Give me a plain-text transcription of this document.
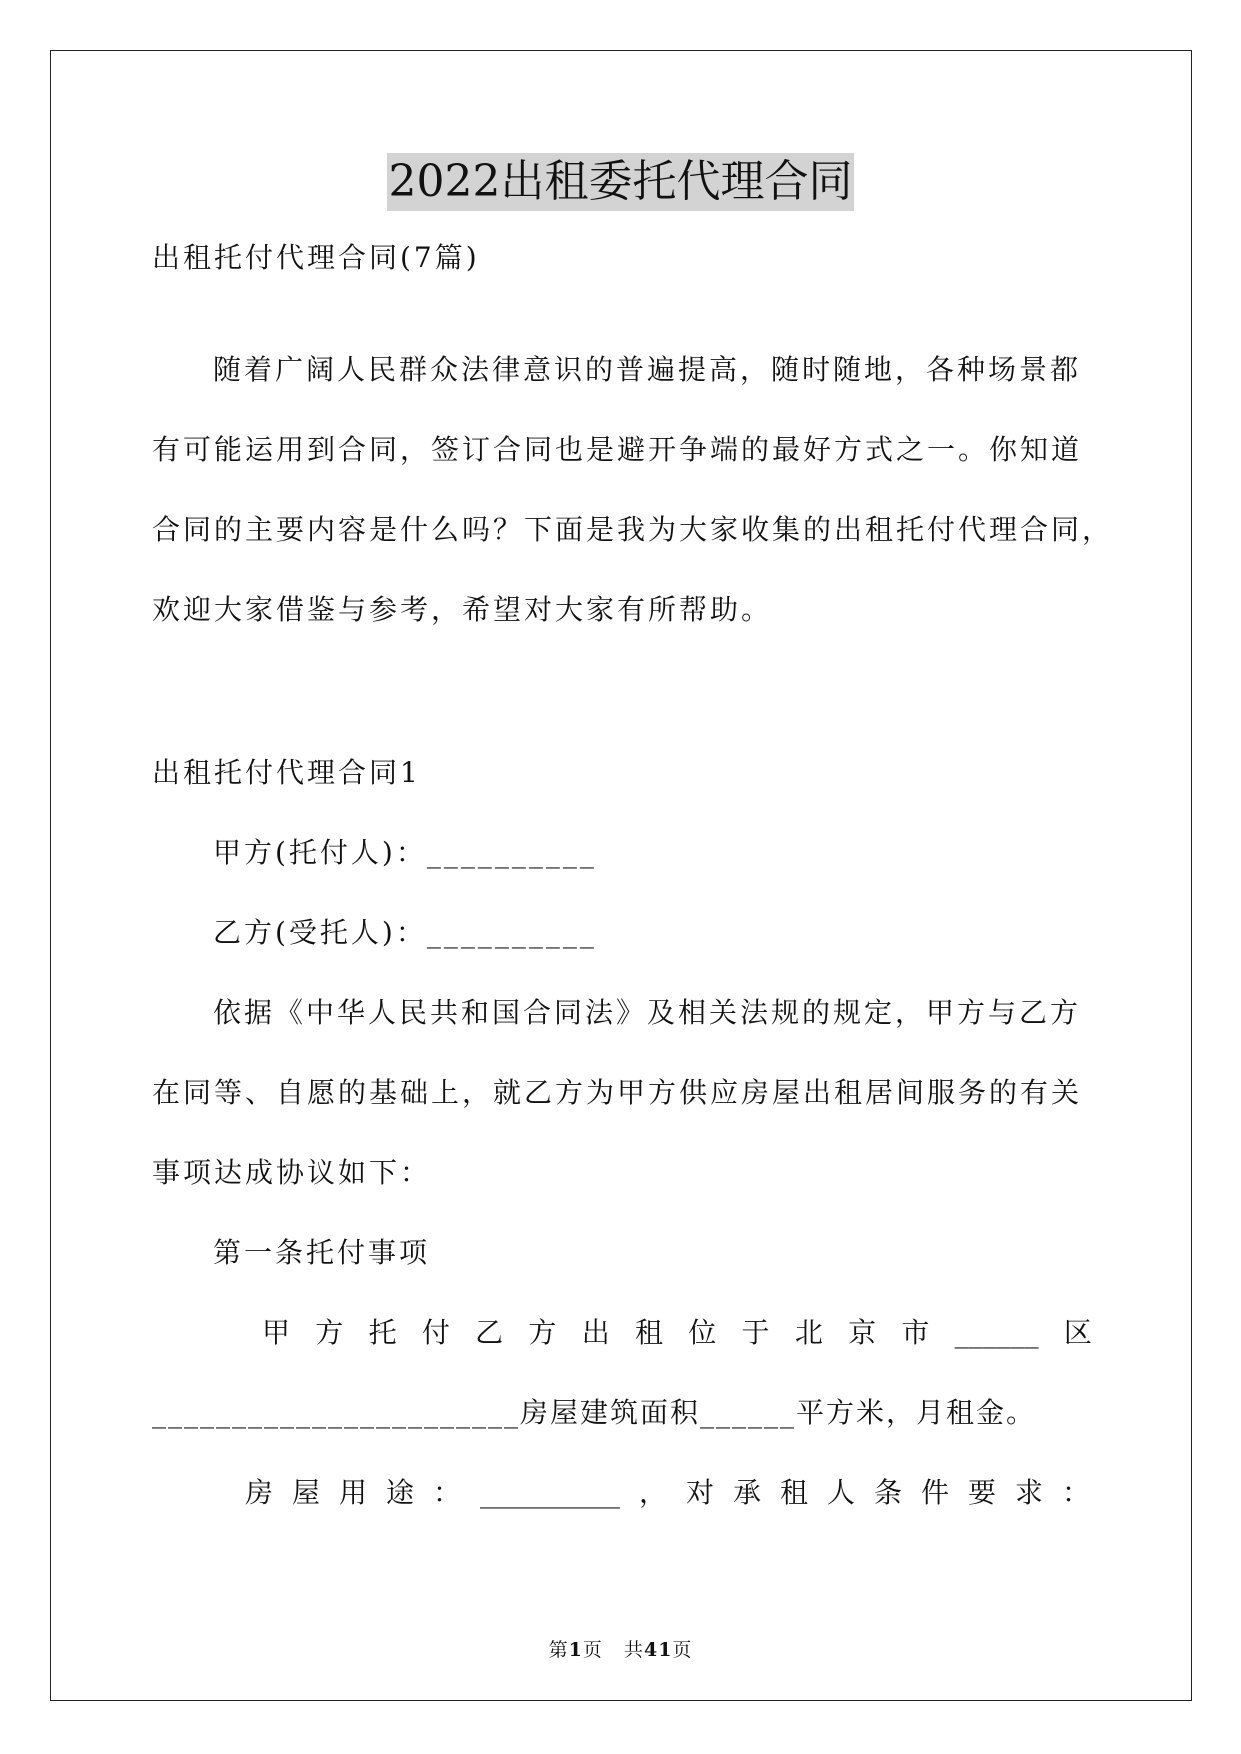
2022出租委托代理合同
出租托付代理合同(7篇)
随着广阔人民群众法律意识的普遍提高，随时随地，各种场景都
有可能运用到合同，签订合同也是避开争端的最好方式之一。你知道
合同的主要内容是什么吗？下面是我为大家收集的出租托付代理合同，
欢迎大家借鉴与参考，希望对大家有所帮助。
出租托付代理合同1
甲方(托付人)：__________
乙方(受托人)：__________
依据《中华人民共和国合同法》及相关法规的规定，甲方与乙方
在同等、自愿的基础上，就乙方为甲方供应房屋出租居间服务的有关
事项达成协议如下：
第一条托付事项
甲 方 托 付 乙 方 出 租 位 于 北 京 市 ______ 区
_______________________房屋建筑面积______平方米，月租金。
房 屋 用 途 ： __________ ， 对 承 租 人 条 件 要 求 ：
第1页 共41页
